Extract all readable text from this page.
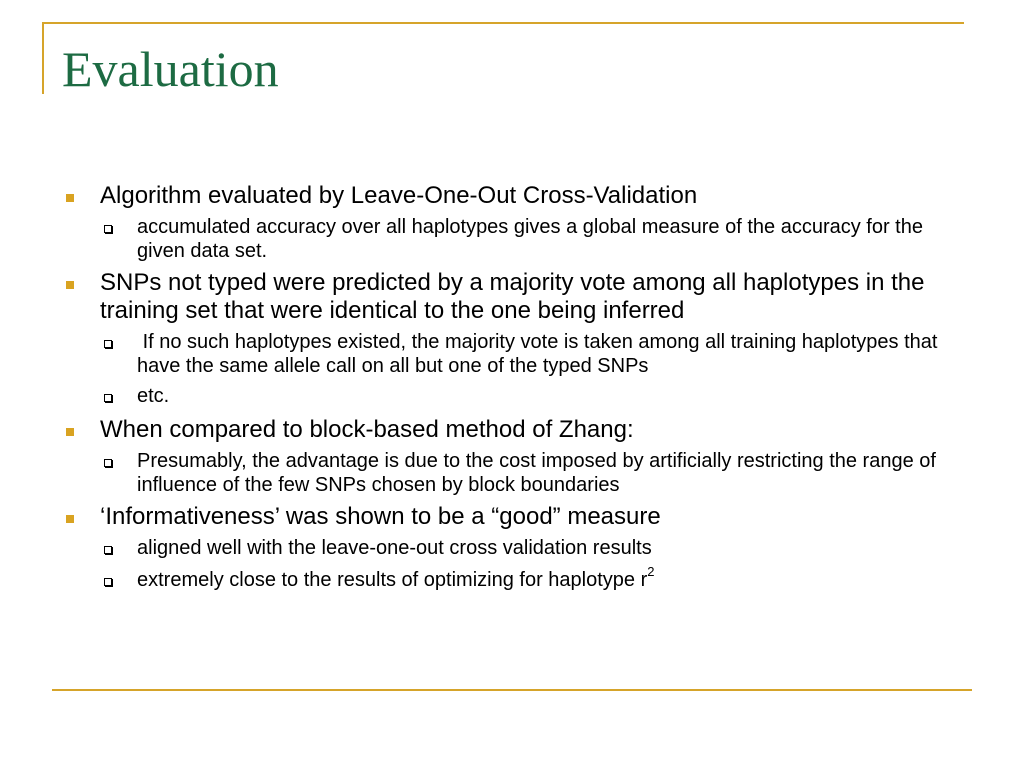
Evaluation
Algorithm evaluated by Leave-One-Out Cross-Validation
accumulated accuracy over all haplotypes gives a global measure of the accuracy for the given data set.
SNPs not typed were predicted by a majority vote among all haplotypes in the training set that were identical to the one being inferred
If no such haplotypes existed, the majority vote is taken among all training haplotypes that have the same allele call on all but one of the typed SNPs
etc.
When compared to block-based method of Zhang:
Presumably, the advantage is due to the cost imposed by artificially restricting the range of influence of the few SNPs chosen by block boundaries
‘Informativeness’ was shown to be a “good” measure
aligned well with the leave-one-out cross validation results
extremely close to the results of optimizing for haplotype $r^2$
